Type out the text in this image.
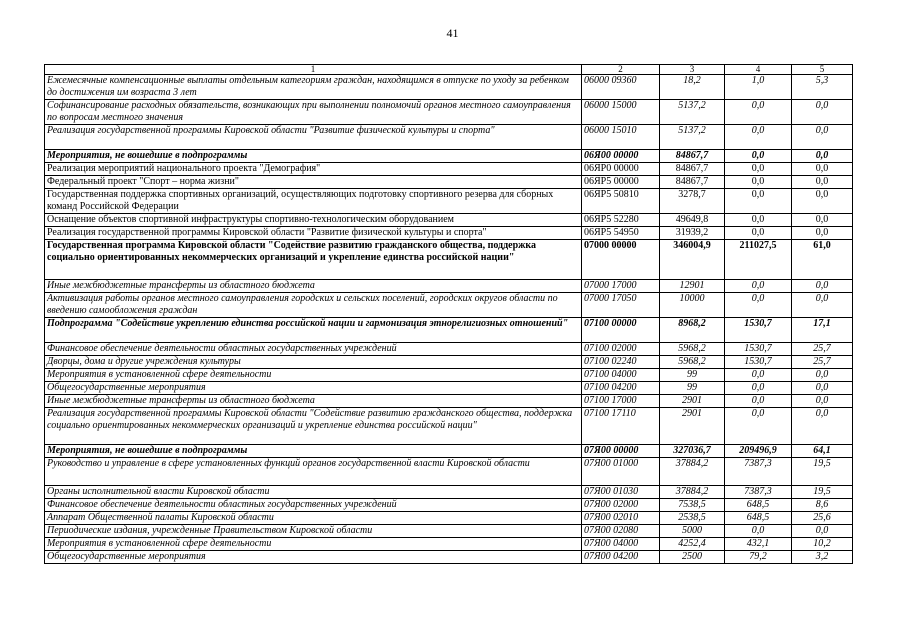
41
1	2	3	4	5
Ежемесячные компенсационные выплаты отдельным категориям граждан, находящимся в отпуске по уходу за ребенком до достижения им возраста 3 лет	06000 09360	18,2	1,0	5,3
Софинансирование расходных обязательств, возникающих при выполнении полномочий органов местного самоуправления по вопросам местного значения	06000 15000	5137,2	0,0	0,0
Реализация государственной программы Кировской области "Развитие физической культуры и спорта"	06000 15010	5137,2	0,0	0,0
Мероприятия, не вошедшие в подпрограммы	06Я00 00000	84867,7	0,0	0,0
Реализация мероприятий национального проекта "Демография"	06ЯР0 00000	84867,7	0,0	0,0
Федеральный проект "Спорт – норма жизни"	06ЯР5 00000	84867,7	0,0	0,0
Государственная поддержка спортивных организаций, осуществляющих подготовку спортивного резерва для сборных команд Российской Федерации	06ЯР5 50810	3278,7	0,0	0,0
Оснащение объектов спортивной инфраструктуры спортивно-технологическим оборудованием	06ЯР5 52280	49649,8	0,0	0,0
Реализация государственной программы Кировской области "Развитие физической культуры и спорта"	06ЯР5 54950	31939,2	0,0	0,0
Государственная программа Кировской области "Содействие развитию гражданского общества, поддержка социально ориентированных некоммерческих организаций и укрепление единства российской нации"	07000 00000	346004,9	211027,5	61,0
Иные межбюджетные трансферты из областного бюджета	07000 17000	12901	0,0	0,0
Активизация работы органов местного самоуправления городских и сельских поселений, городских округов области по введению самообложения граждан	07000 17050	10000	0,0	0,0
Подпрограмма "Содействие укреплению единства российской нации и гармонизация этнорелигиозных отношений"	07100 00000	8968,2	1530,7	17,1
Финансовое обеспечение деятельности областных государственных учреждений	07100 02000	5968,2	1530,7	25,7
Дворцы, дома и другие учреждения культуры	07100 02240	5968,2	1530,7	25,7
Мероприятия в установленной сфере деятельности	07100 04000	99	0,0	0,0
Общегосударственные мероприятия	07100 04200	99	0,0	0,0
Иные межбюджетные трансферты из областного бюджета	07100 17000	2901	0,0	0,0
Реализация государственной программы Кировской области "Содействие развитию гражданского общества, поддержка социально ориентированных некоммерческих организаций и укрепление единства российской нации"	07100 17110	2901	0,0	0,0
Мероприятия, не вошедшие в подпрограммы	07Я00 00000	327036,7	209496,9	64,1
Руководство и управление в сфере установленных функций органов государственной власти Кировской области	07Я00 01000	37884,2	7387,3	19,5
Органы исполнительной власти Кировской области	07Я00 01030	37884,2	7387,3	19,5
Финансовое обеспечение деятельности областных государственных учреждений	07Я00 02000	7538,5	648,5	8,6
Аппарат Общественной палаты Кировской области	07Я00 02010	2538,5	648,5	25,6
Периодические издания, учрежденные Правительством Кировской области	07Я00 02080	5000	0,0	0,0
Мероприятия в установленной сфере деятельности	07Я00 04000	4252,4	432,1	10,2
Общегосударственные мероприятия	07Я00 04200	2500	79,2	3,2
